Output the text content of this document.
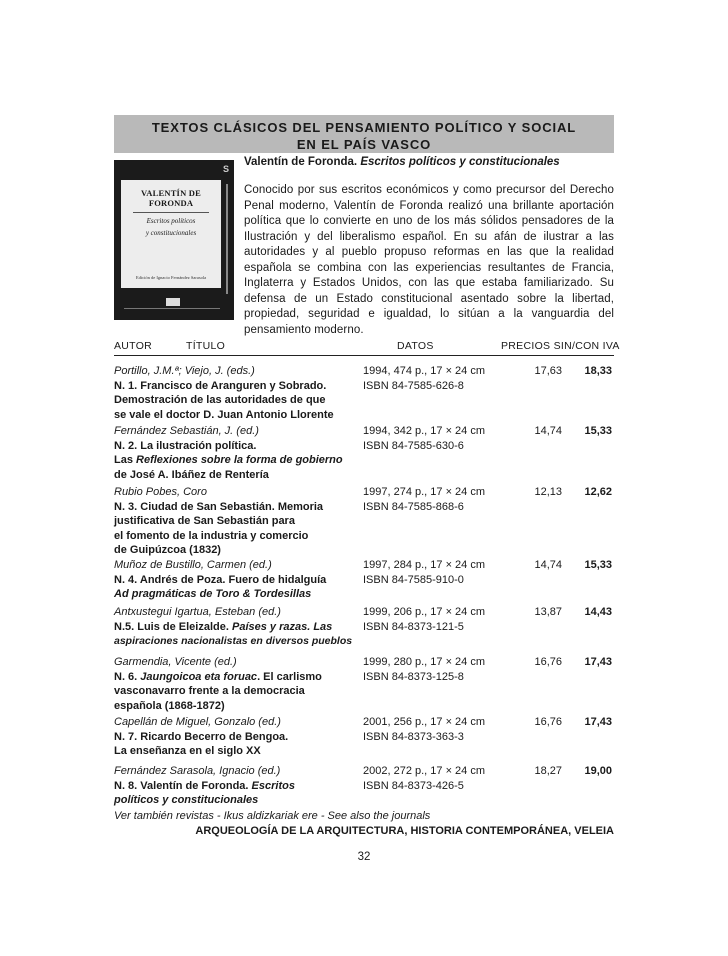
TEXTOS CLÁSICOS DEL PENSAMIENTO POLÍTICO Y SOCIAL
EN EL PAÍS VASCO
VALENTÍN DE FORONDA
Escritos políticos
y constitucionales
Edición de Ignacio Fernández Sarasola
S
Valentín de Foronda. Escritos políticos y constitucionales
Conocido por sus escritos económicos y como precursor del Derecho Penal moderno, Valentín de Foronda realizó una brillante aportación política que lo convierte en uno de los más sólidos pensadores de la Ilustración y del liberalismo español. En su afán de ilustrar a las autoridades y al pueblo propuso reformas en las que la realidad española se combina con las experiencias resultantes de Francia, Inglaterra y Estados Unidos, con las que estaba familiarizado. Su defensa de un Estado constitucional asentado sobre la libertad, propiedad, seguridad e igualdad, lo sitúan a la vanguardia del pensamiento moderno.
AUTOR	TÍTULO	DATOS	PRECIOS SIN/CON IVA
Portillo, J.M.ª; Viejo, J. (eds.)
N. 1. Francisco de Aranguren y Sobrado.
Demostración de las autoridades de que
se vale el doctor D. Juan Antonio Llorente
1994, 474 p., 17 × 24 cm
ISBN 84-7585-626-8
17,63	18,33
Fernández Sebastián, J. (ed.)
N. 2. La ilustración política.
Las Reflexiones sobre la forma de gobierno
de José A. Ibáñez de Rentería
1994, 342 p., 17 × 24 cm
ISBN 84-7585-630-6
14,74	15,33
Rubio Pobes, Coro
N. 3. Ciudad de San Sebastián. Memoria
justificativa de San Sebastián para
el fomento de la industria y comercio
de Guipúzcoa (1832)
1997, 274 p., 17 × 24 cm
ISBN 84-7585-868-6
12,13	12,62
Muñoz de Bustillo, Carmen (ed.)
N. 4. Andrés de Poza. Fuero de hidalguía
Ad pragmáticas de Toro & Tordesillas
1997, 284 p., 17 × 24 cm
ISBN 84-7585-910-0
14,74	15,33
Antxustegui Igartua, Esteban (ed.)
N.5. Luis de Eleizalde. Países y razas. Las
aspiraciones nacionalistas en diversos pueblos
1999, 206 p., 17 × 24 cm
ISBN 84-8373-121-5
13,87	14,43
Garmendia, Vicente (ed.)
N. 6. Jaungoicoa eta foruac. El carlismo
vasconavarro frente a la democracia
española (1868-1872)
1999, 280 p., 17 × 24 cm
ISBN 84-8373-125-8
16,76	17,43
Capellán de Miguel, Gonzalo (ed.)
N. 7. Ricardo Becerro de Bengoa.
La enseñanza en el siglo XX
2001, 256 p., 17 × 24 cm
ISBN 84-8373-363-3
16,76	17,43
Fernández Sarasola, Ignacio (ed.)
N. 8. Valentín de Foronda. Escritos
políticos y constitucionales
2002, 272 p., 17 × 24 cm
ISBN 84-8373-426-5
18,27	19,00
Ver también revistas - Ikus aldizkariak ere - See also the journals
ARQUEOLOGÍA DE LA ARQUITECTURA, HISTORIA CONTEMPORÁNEA, VELEIA
32
